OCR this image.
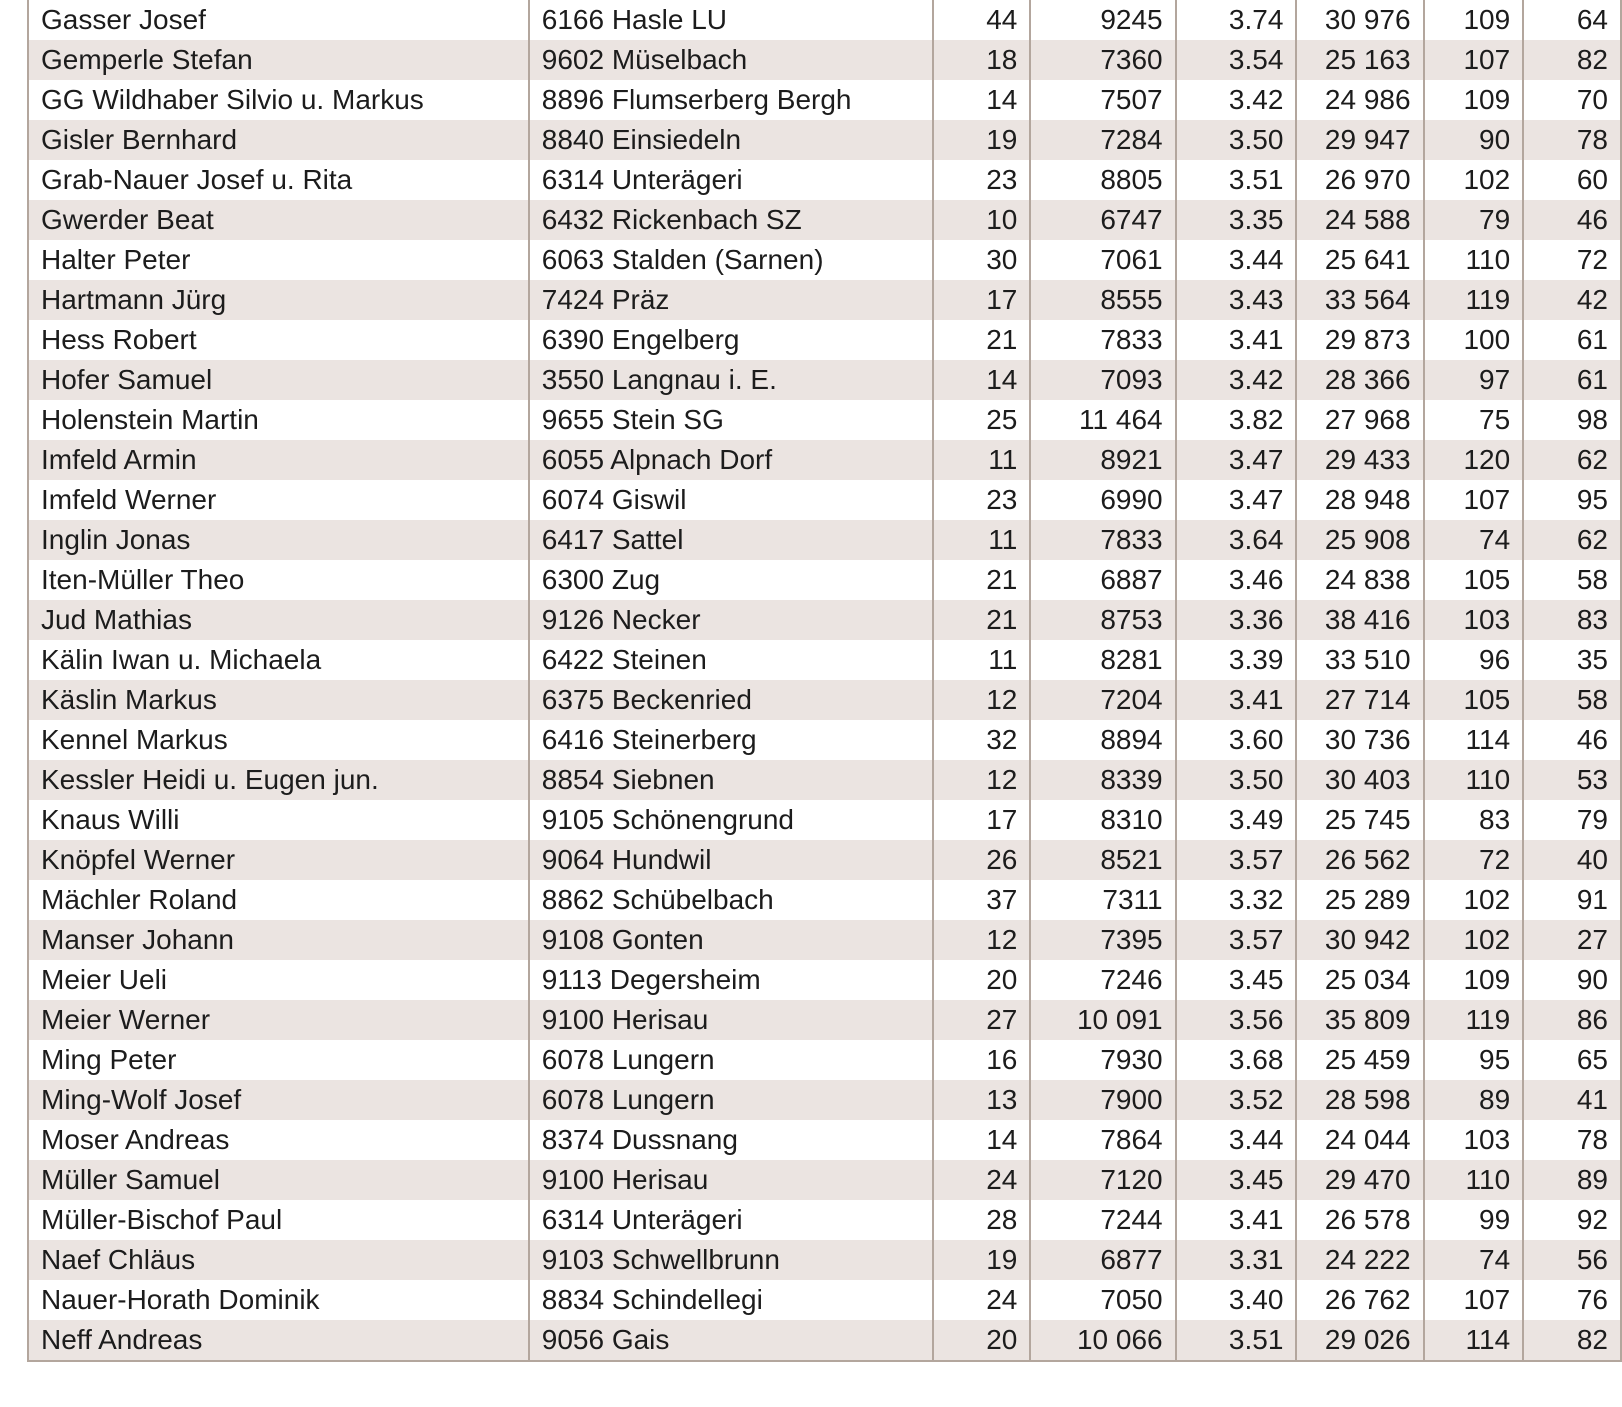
Gasser Josef	6166 Hasle LU	44	9245	3.74	30 976	109	64
Gemperle Stefan	9602 Müselbach	18	7360	3.54	25 163	107	82
GG Wildhaber Silvio u. Markus	8896 Flumserberg Bergh	14	7507	3.42	24 986	109	70
Gisler Bernhard	8840 Einsiedeln	19	7284	3.50	29 947	90	78
Grab-Nauer Josef u. Rita	6314 Unterägeri	23	8805	3.51	26 970	102	60
Gwerder Beat	6432 Rickenbach SZ	10	6747	3.35	24 588	79	46
Halter Peter	6063 Stalden (Sarnen)	30	7061	3.44	25 641	110	72
Hartmann Jürg	7424 Präz	17	8555	3.43	33 564	119	42
Hess Robert	6390 Engelberg	21	7833	3.41	29 873	100	61
Hofer Samuel	3550 Langnau i. E.	14	7093	3.42	28 366	97	61
Holenstein Martin	9655 Stein SG	25	11 464	3.82	27 968	75	98
Imfeld Armin	6055 Alpnach Dorf	11	8921	3.47	29 433	120	62
Imfeld Werner	6074 Giswil	23	6990	3.47	28 948	107	95
Inglin Jonas	6417 Sattel	11	7833	3.64	25 908	74	62
Iten-Müller Theo	6300 Zug	21	6887	3.46	24 838	105	58
Jud Mathias	9126 Necker	21	8753	3.36	38 416	103	83
Kälin Iwan u. Michaela	6422 Steinen	11	8281	3.39	33 510	96	35
Käslin Markus	6375 Beckenried	12	7204	3.41	27 714	105	58
Kennel Markus	6416 Steinerberg	32	8894	3.60	30 736	114	46
Kessler Heidi u. Eugen jun.	8854 Siebnen	12	8339	3.50	30 403	110	53
Knaus Willi	9105 Schönengrund	17	8310	3.49	25 745	83	79
Knöpfel Werner	9064 Hundwil	26	8521	3.57	26 562	72	40
Mächler Roland	8862 Schübelbach	37	7311	3.32	25 289	102	91
Manser Johann	9108 Gonten	12	7395	3.57	30 942	102	27
Meier Ueli	9113 Degersheim	20	7246	3.45	25 034	109	90
Meier Werner	9100 Herisau	27	10 091	3.56	35 809	119	86
Ming Peter	6078 Lungern	16	7930	3.68	25 459	95	65
Ming-Wolf Josef	6078 Lungern	13	7900	3.52	28 598	89	41
Moser Andreas	8374 Dussnang	14	7864	3.44	24 044	103	78
Müller Samuel	9100 Herisau	24	7120	3.45	29 470	110	89
Müller-Bischof Paul	6314 Unterägeri	28	7244	3.41	26 578	99	92
Naef Chläus	9103 Schwellbrunn	19	6877	3.31	24 222	74	56
Nauer-Horath Dominik	8834 Schindellegi	24	7050	3.40	26 762	107	76
Neff Andreas	9056 Gais	20	10 066	3.51	29 026	114	82
